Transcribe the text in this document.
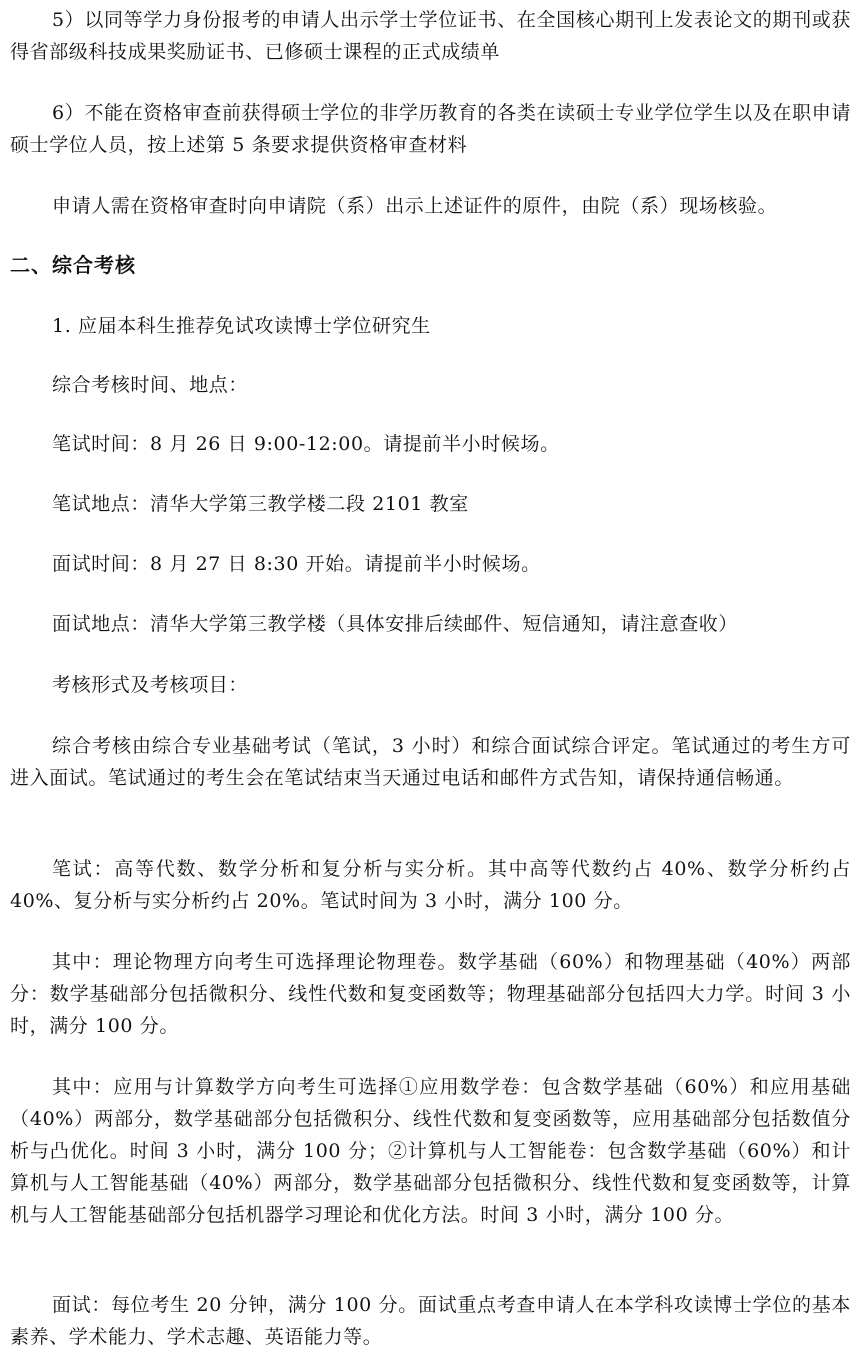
5）以同等学力身份报考的申请人出示学士学位证书、在全国核心期刊上发表论文的期刊或获得省部级科技成果奖励证书、已修硕士课程的正式成绩单

6）不能在资格审查前获得硕士学位的非学历教育的各类在读硕士专业学位学生以及在职申请硕士学位人员，按上述第 5 条要求提供资格审查材料

申请人需在资格审查时向申请院（系）出示上述证件的原件，由院（系）现场核验。

二、综合考核

1. 应届本科生推荐免试攻读博士学位研究生

综合考核时间、地点：

笔试时间：8 月 26 日 9:00-12:00。请提前半小时候场。

笔试地点：清华大学第三教学楼二段 2101 教室

面试时间：8 月 27 日 8:30 开始。请提前半小时候场。

面试地点：清华大学第三教学楼（具体安排后续邮件、短信通知，请注意查收）

考核形式及考核项目：

综合考核由综合专业基础考试（笔试，3 小时）和综合面试综合评定。笔试通过的考生方可进入面试。笔试通过的考生会在笔试结束当天通过电话和邮件方式告知，请保持通信畅通。

笔试：高等代数、数学分析和复分析与实分析。其中高等代数约占 40%、数学分析约占 40%、复分析与实分析约占 20%。笔试时间为 3 小时，满分 100 分。

其中：理论物理方向考生可选择理论物理卷。数学基础（60%）和物理基础（40%）两部分：数学基础部分包括微积分、线性代数和复变函数等；物理基础部分包括四大力学。时间 3 小时，满分 100 分。

其中：应用与计算数学方向考生可选择①应用数学卷：包含数学基础（60%）和应用基础（40%）两部分，数学基础部分包括微积分、线性代数和复变函数等，应用基础部分包括数值分析与凸优化。时间 3 小时，满分 100 分；②计算机与人工智能卷：包含数学基础（60%）和计算机与人工智能基础（40%）两部分，数学基础部分包括微积分、线性代数和复变函数等，计算机与人工智能基础部分包括机器学习理论和优化方法。时间 3 小时，满分 100 分。

面试：每位考生 20 分钟，满分 100 分。面试重点考查申请人在本学科攻读博士学位的基本素养、学术能力、学术志趣、英语能力等。
